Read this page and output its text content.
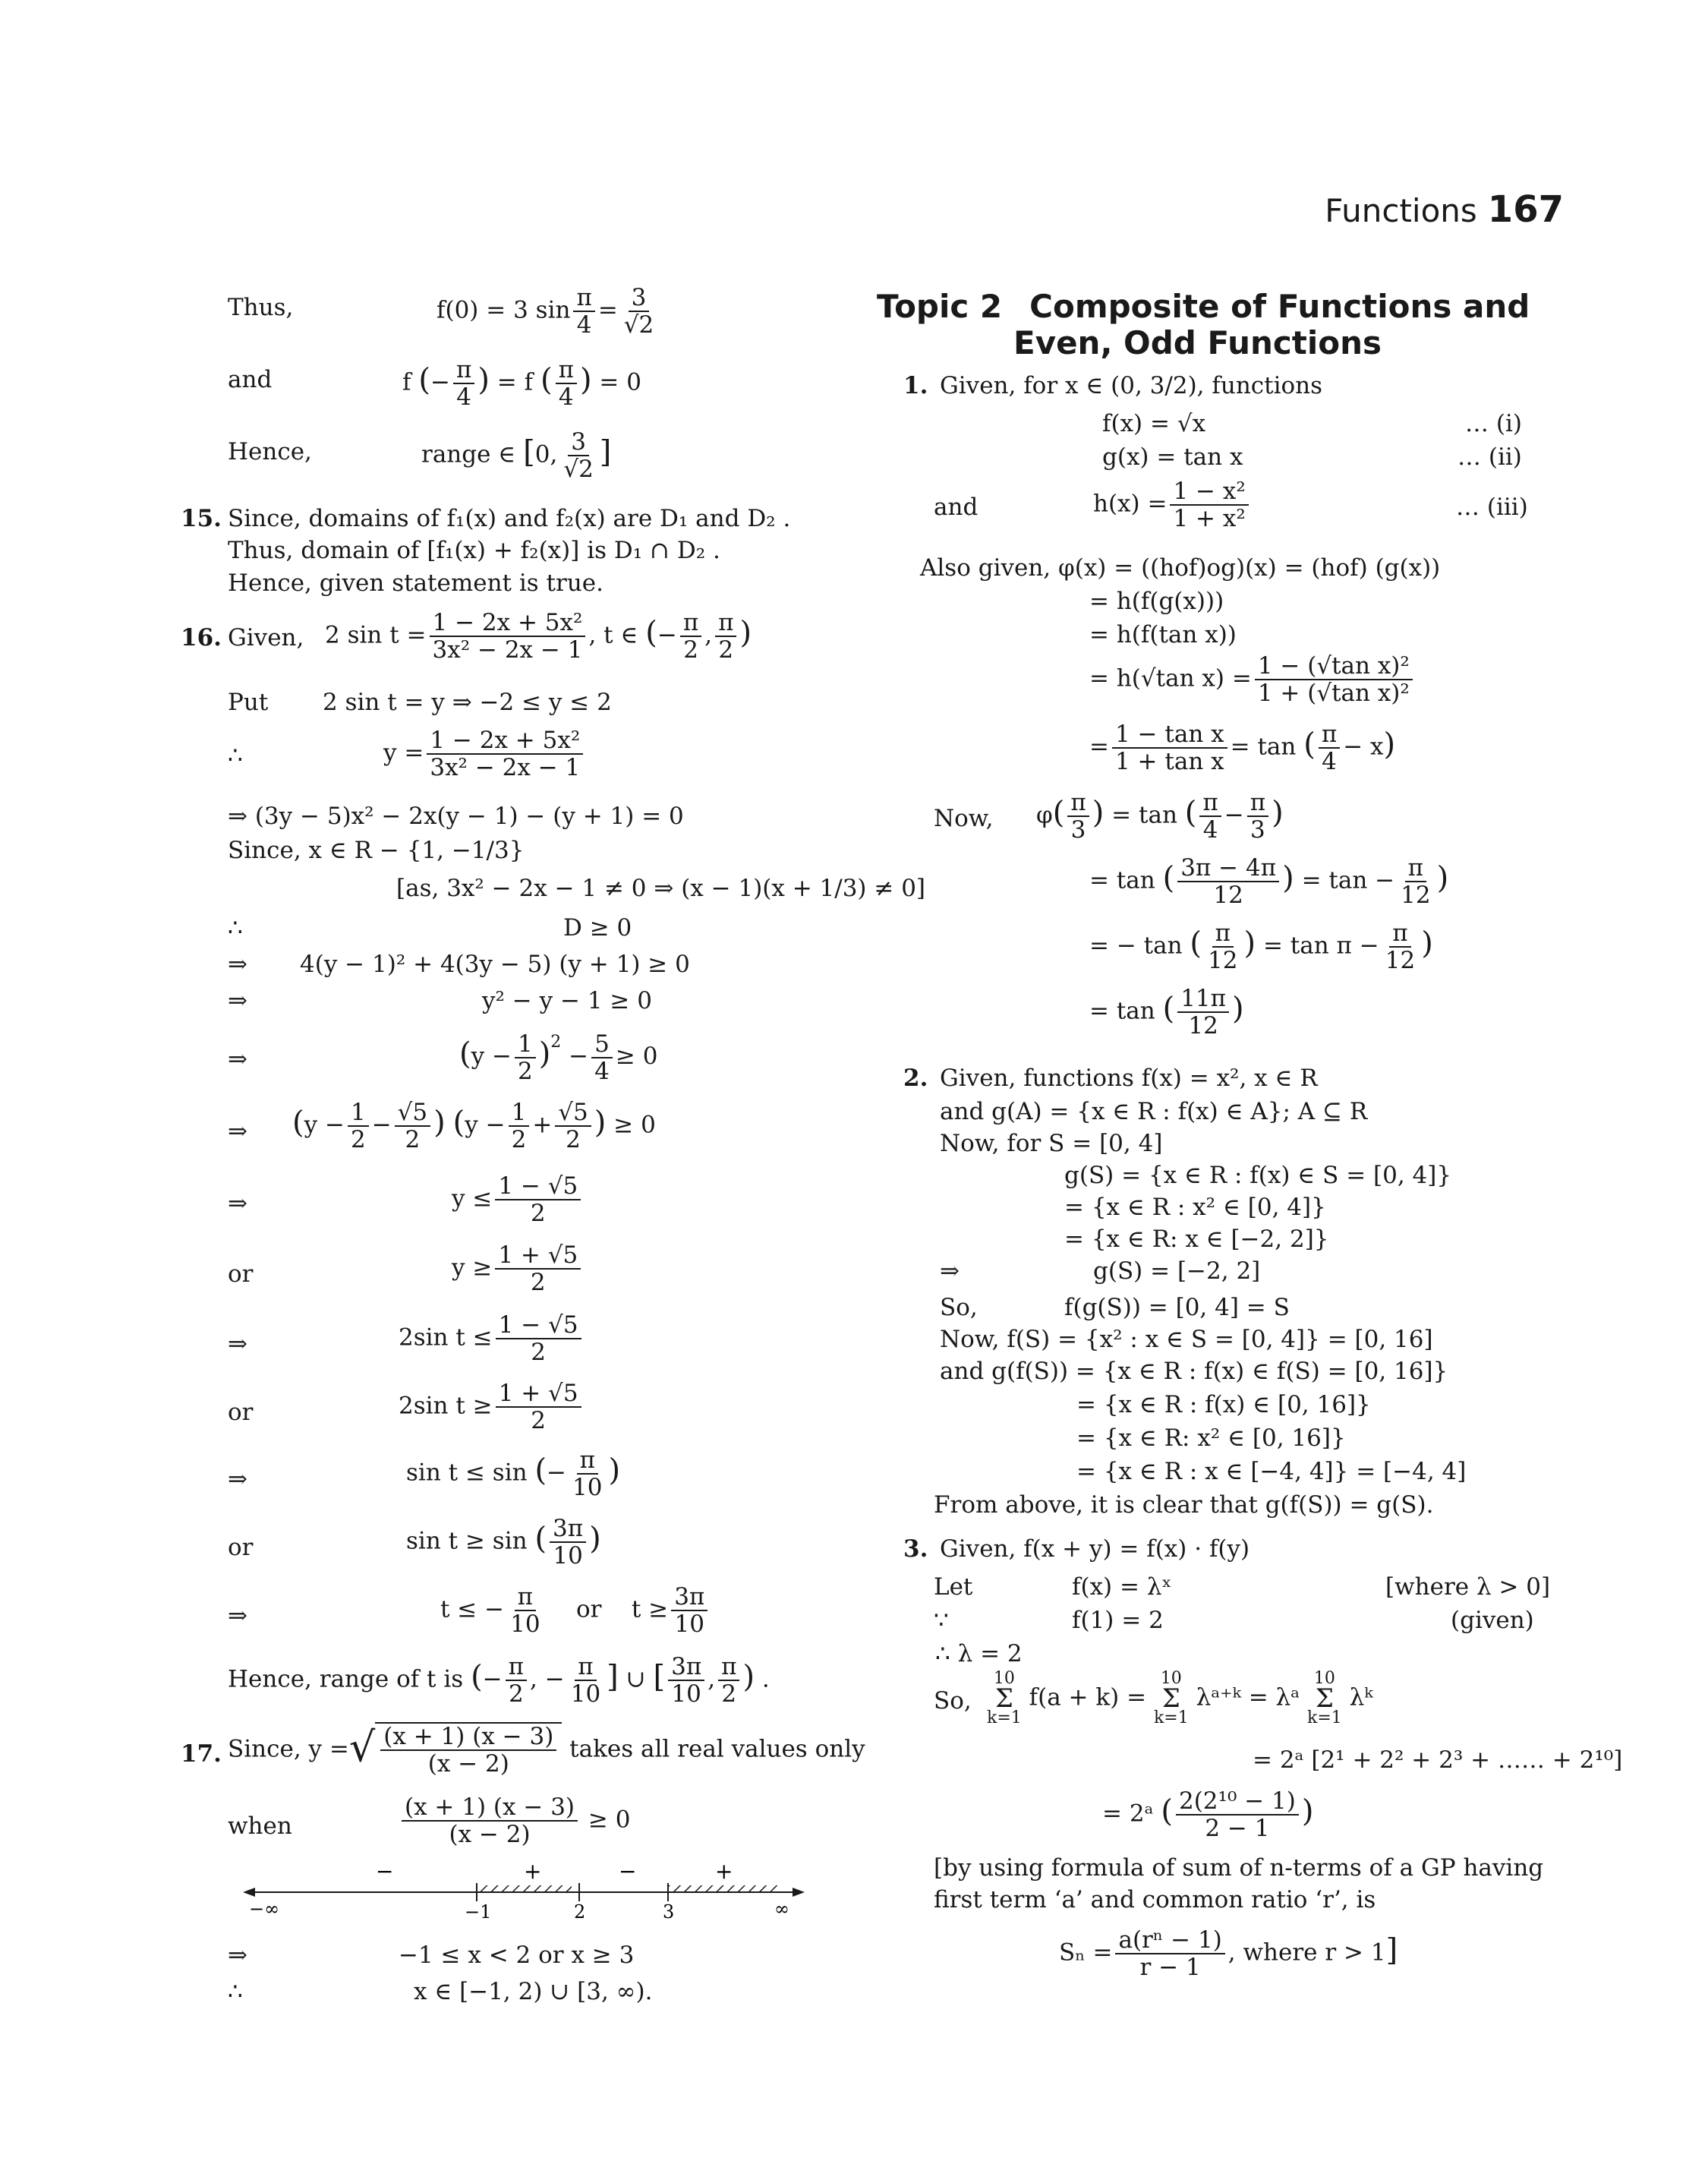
Functions 167
Thus,	f(0) = 3 $\sin \frac{\pi}{4} = \frac{3}{√2}$
and	f (− $\frac{\pi}{4}$ ) = f ( $\frac{\pi}{4}$ ) = 0
Hence,	range ∈ [0, $\frac{3}{√2}$ ]
15. Since, domains of f₁(x) and f₂(x) are D₁ and D₂ .
Thus, domain of [f₁(x) + f₂(x)] is D₁ ∩ D₂ .
Hence, given statement is true.
16. Given, 2 $\sin t = \frac{\text{1 − 2x + 5x²}}{\text{3x² − 2x − 1}}$ , t ∈ (− $\frac{\pi}{2}$ , $\frac{\pi}{2}$ )
Put 2 sin t = y ⇒ −2 ≤ y ≤ 2
∴	$y = \frac{\text{1 − 2x + 5x²}}{\text{3x² − 2x − 1}}$
⇒ (3y − 5)x² − 2x(y − 1) − (y + 1) = 0
Since, x ∈ R − {1, −1/3}
[as, 3x² − 2x − 1 ≠ 0 ⇒ (x − 1)(x + 1/3) ≠ 0]
∴	D ≥ 0
⇒ 4(y − 1)² + 4(3y − 5) (y + 1) ≥ 0
⇒	y² − y − 1 ≥ 0
⇒	$(y - \frac{1}{2} )^2 - \frac{5}{4} \ge 0$
⇒ ($y - \frac{1}{2} - \frac{√5}{2}$ ) ($y - \frac{1}{2} + \frac{√5}{2}$ ) ≥ 0
⇒	$y \le \frac{1 - √5}{2}$
or	$y \ge \frac{1 + √5}{2}$
⇒	2sin $t \le \frac{1 - √5}{2}$
or	2sin $t \ge \frac{1 + √5}{2}$
⇒	sin t ≤ sin (− $\frac{\pi}{10}$ )
or	sin t ≥ sin ( $\frac{3\pi}{10}$ )
⇒	t ≤ − $\frac{\pi}{10}$ or $t \ge \frac{3\pi}{10}$
Hence, range of t is (− $\frac{\pi}{2}$ , − $\frac{\pi}{10}$ ] ∪ [ $\frac{3\pi}{10}$ , $\frac{\pi}{2}$ ) .
17. Since, y =√ $\frac{(x + 1) (x - 3)}{(x - 2)}$ takes all real values only
when	$\frac{(x + 1) (x - 3)}{(x - 2)} \ge 0$
−	+	−	+
−∞	−1	2	3	∞
⇒	−1 ≤ x < 2 or x ≥ 3
∴	x ∈ [−1, 2) ∪ [3, ∞).
Topic 2 Composite of Functions and
Even, Odd Functions
1. Given, for x ∈ (0, 3/2), functions
f(x) = √x	… (i)
g(x) = tan x	… (ii)
and	$h(x) = \frac{\text{1 − x²}}{\text{1 + x²}}$	… (iii)
Also given, φ(x) = ((hof)og)(x) = (hof) (g(x))
= h(f(g(x)))
= h(f(tan x))
= h(√tan $x) = \frac{\text{1 − (√tan x)²}}{\text{1 + (√tan x)²}}$
= $\frac{\text{1 − tan x}}{\text{1 + tan x}} = \tan$ ( $\frac{\pi}{4} - x$)
Now, $\varphi( \frac{\pi}{3}$ ) = tan ( $\frac{\pi}{4} - \frac{\pi}{3}$ )
= tan ( $\frac{3\pi - 4\pi}{12}$ ) = $\tan - \frac{\pi}{12}$ )
= − tan ( $\frac{\pi}{12}$ ) = $\tan \pi - \frac{\pi}{12}$ )
= tan ( $\frac{11\pi}{12}$ )
2. Given, functions f(x) = x², x ∈ R
and g(A) = {x ∈ R : f(x) ∈ A}; A ⊆ R
Now, for S = [0, 4]
g(S) = {x ∈ R : f(x) ∈ S = [0, 4]}
= {x ∈ R : x² ∈ [0, 4]}
= {x ∈ R: x ∈ [−2, 2]}
⇒	g(S) = [−2, 2]
So,	f(g(S)) = [0, 4] = S
Now, f(S) = {x² : x ∈ S = [0, 4]} = [0, 16]
and g(f(S)) = {x ∈ R : f(x) ∈ f(S) = [0, 16]}
= {x ∈ R : f(x) ∈ [0, 16]}
= {x ∈ R: x² ∈ [0, 16]}
= {x ∈ R : x ∈ [−4, 4]} = [−4, 4]
From above, it is clear that g(f(S)) = g(S).
3. Given, f(x + y) = f(x) · f(y)
Let	f(x) = λˣ	[where λ > 0]
∵	f(1) = 2	(given)
∴ λ = 2
So,
10
Σ
k=1
f(a + k) =
10
Σ
k=1
λᵃ⁺ᵏ = λᵃ
10
Σ
k=1
λᵏ
= 2ᵃ [2¹ + 2² + 2³ + …… + 2¹⁰]
= 2ᵃ ( $\frac{\text{2(2¹⁰ − 1)}}{2 - 1}$ )
[by using formula of sum of n-terms of a GP having
first term ‘a’ and common ratio ‘r’, is
$S_n = \frac{\text{a(rⁿ − 1)}}{r - 1}$ , where r > 1]
